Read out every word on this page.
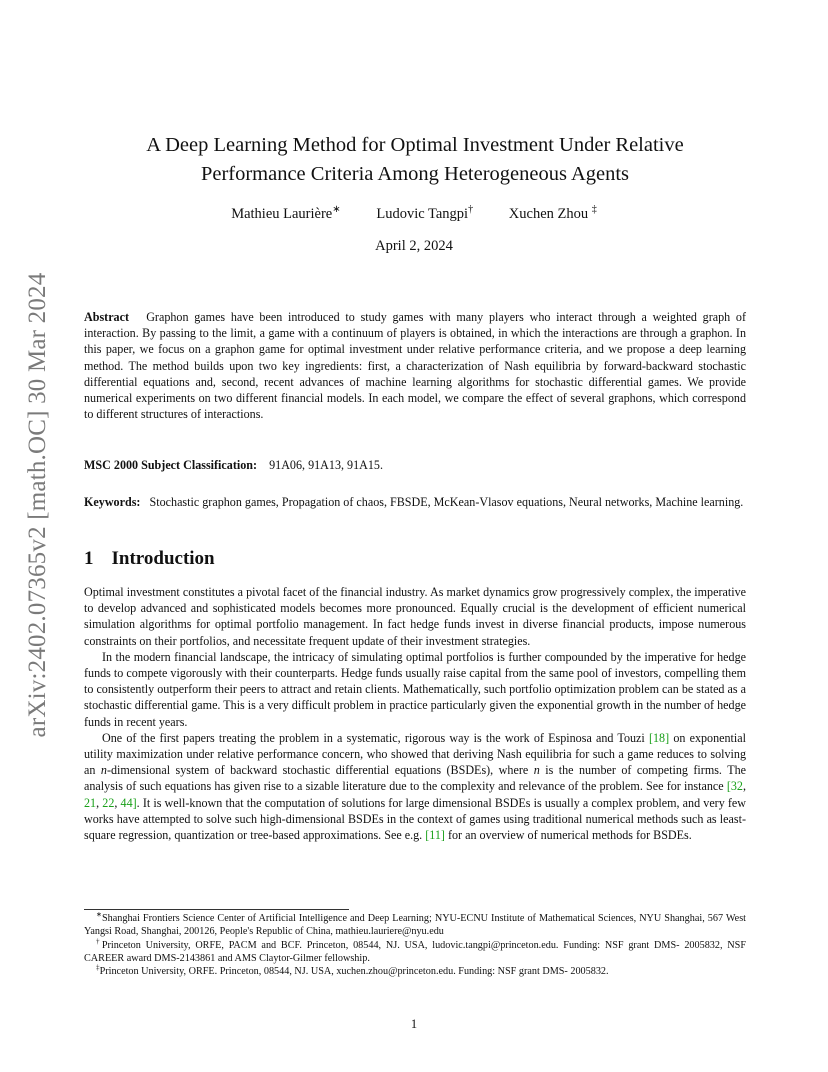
arXiv:2402.07365v2 [math.OC] 30 Mar 2024
A Deep Learning Method for Optimal Investment Under Relative
Performance Criteria Among Heterogeneous Agents
Mathieu Laurière∗ Ludovic Tangpi† Xuchen Zhou ‡
April 2, 2024

Abstract Graphon games have been introduced to study games with many players who interact through a weighted graph of interaction. By passing to the limit, a game with a continuum of players is obtained, in which the interactions are through a graphon. In this paper, we focus on a graphon game for optimal investment under relative performance criteria, and we propose a deep learning method. The method builds upon two key ingredients: first, a characterization of Nash equilibria by forward-backward stochastic differential equations and, second, recent advances of machine learning algorithms for stochastic differential games. We provide numerical experiments on two different financial models. In each model, we compare the effect of several graphons, which correspond to different structures of interactions.

MSC 2000 Subject Classification: 91A06, 91A13, 91A15.
Keywords: Stochastic graphon games, Propagation of chaos, FBSDE, McKean-Vlasov equations, Neural networks, Machine learning.
1 Introduction

Optimal investment constitutes a pivotal facet of the financial industry. As market dynamics grow progressively complex, the imperative to develop advanced and sophisticated models becomes more pronounced. Equally crucial is the development of efficient numerical simulation algorithms for optimal portfolio management. In fact hedge funds invest in diverse financial products, impose numerous constraints on their portfolios, and necessitate frequent update of their investment strategies.

In the modern financial landscape, the intricacy of simulating optimal portfolios is further compounded by the imperative for hedge funds to compete vigorously with their counterparts. Hedge funds usually raise capital from the same pool of investors, compelling them to consistently outperform their peers to attract and retain clients. Mathematically, such portfolio optimization problem can be stated as a stochastic differential game. This is a very difficult problem in practice particularly given the exponential growth in the number of hedge funds in recent years.

One of the first papers treating the problem in a systematic, rigorous way is the work of Espinosa and Touzi [18] on exponential utility maximization under relative performance concern, who showed that deriving Nash equilibria for such a game reduces to solving an n-dimensional system of backward stochastic differential equations (BSDEs), where n is the number of competing firms. The analysis of such equations has given rise to a sizable literature due to the complexity and relevance of the problem. See for instance [32, 21, 22, 44]. It is well-known that the computation of solutions for large dimensional BSDEs is usually a complex problem, and very few works have attempted to solve such high-dimensional BSDEs in the context of games using traditional numerical methods such as least-square regression, quantization or tree-based approximations. See e.g. [11] for an overview of numerical methods for BSDEs.

∗Shanghai Frontiers Science Center of Artificial Intelligence and Deep Learning; NYU-ECNU Institute of Mathematical Sciences, NYU Shanghai, 567 West Yangsi Road, Shanghai, 200126, People's Republic of China, mathieu.lauriere@nyu.edu

†Princeton University, ORFE, PACM and BCF. Princeton, 08544, NJ. USA, ludovic.tangpi@princeton.edu. Funding: NSF grant DMS- 2005832, NSF CAREER award DMS-2143861 and AMS Claytor-Gilmer fellowship.

‡Princeton University, ORFE. Princeton, 08544, NJ. USA, xuchen.zhou@princeton.edu. Funding: NSF grant DMS- 2005832.

1
